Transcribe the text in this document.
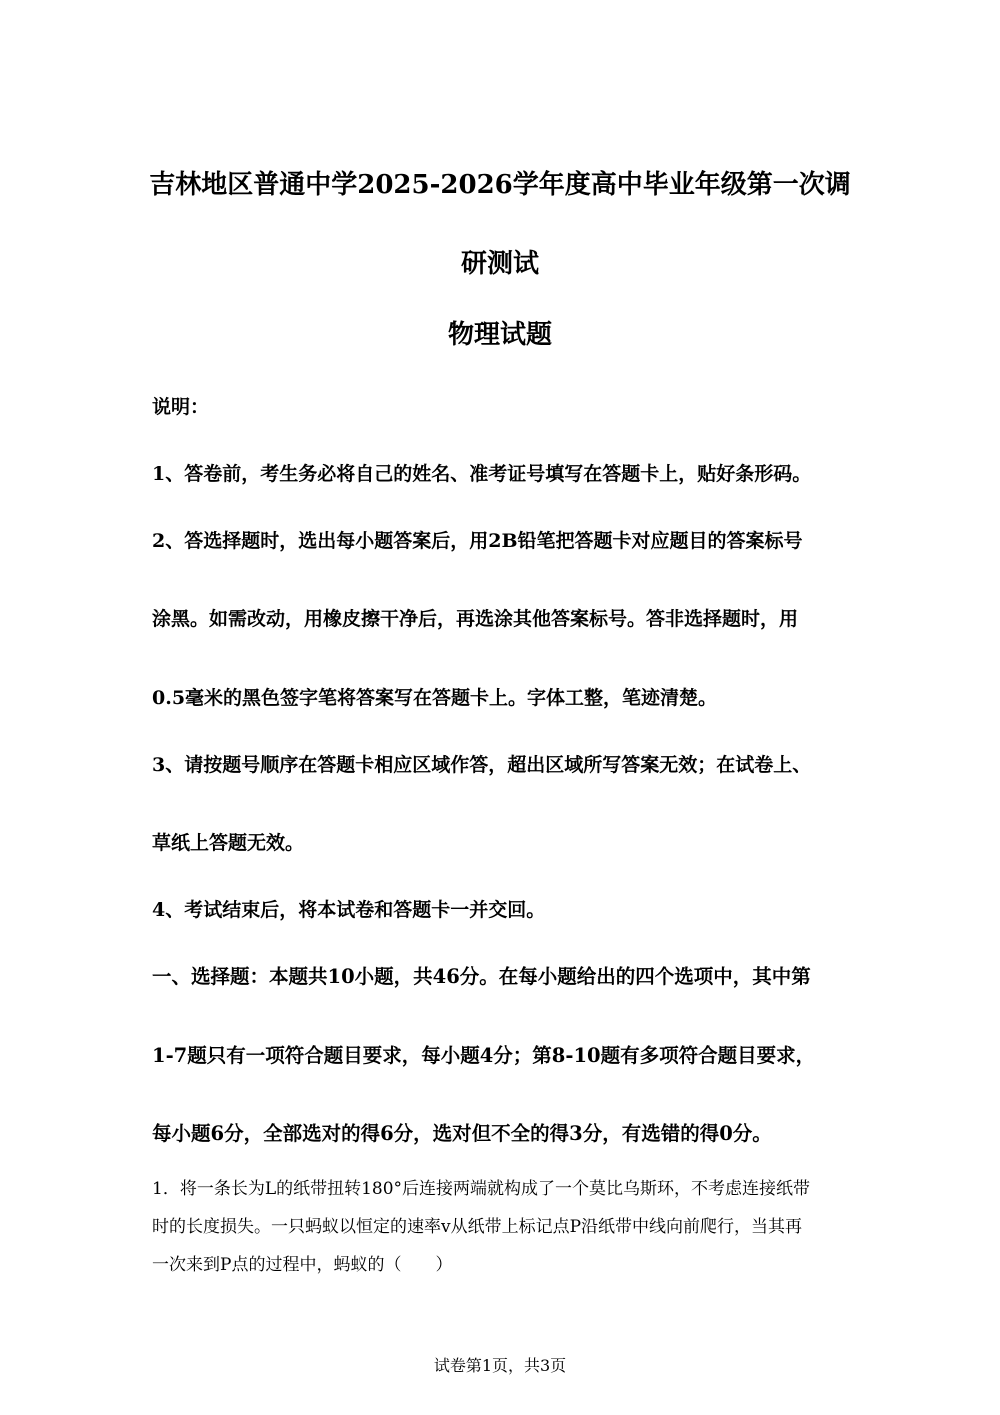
吉林地区普通中学2025-2026学年度高中毕业年级第一次调
研测试
物理试题
说明：
1、答卷前，考生务必将自己的姓名、准考证号填写在答题卡上，贴好条形码。
2、答选择题时，选出每小题答案后，用2B铅笔把答题卡对应题目的答案标号
涂黑。如需改动，用橡皮擦干净后，再选涂其他答案标号。答非选择题时，用
0.5毫米的黑色签字笔将答案写在答题卡上。字体工整，笔迹清楚。
3、请按题号顺序在答题卡相应区域作答，超出区域所写答案无效；在试卷上、
草纸上答题无效。
4、考试结束后，将本试卷和答题卡一并交回。
一、选择题：本题共10小题，共46分。在每小题给出的四个选项中，其中第
1-7题只有一项符合题目要求，每小题4分；第8-10题有多项符合题目要求，
每小题6分，全部选对的得6分，选对但不全的得3分，有选错的得0分。
1．将一条长为L的纸带扭转180°后连接两端就构成了一个莫比乌斯环，不考虑连接纸带
时的长度损失。一只蚂蚁以恒定的速率v从纸带上标记点P沿纸带中线向前爬行，当其再
一次来到P点的过程中，蚂蚁的（　　）
试卷第1页，共3页
